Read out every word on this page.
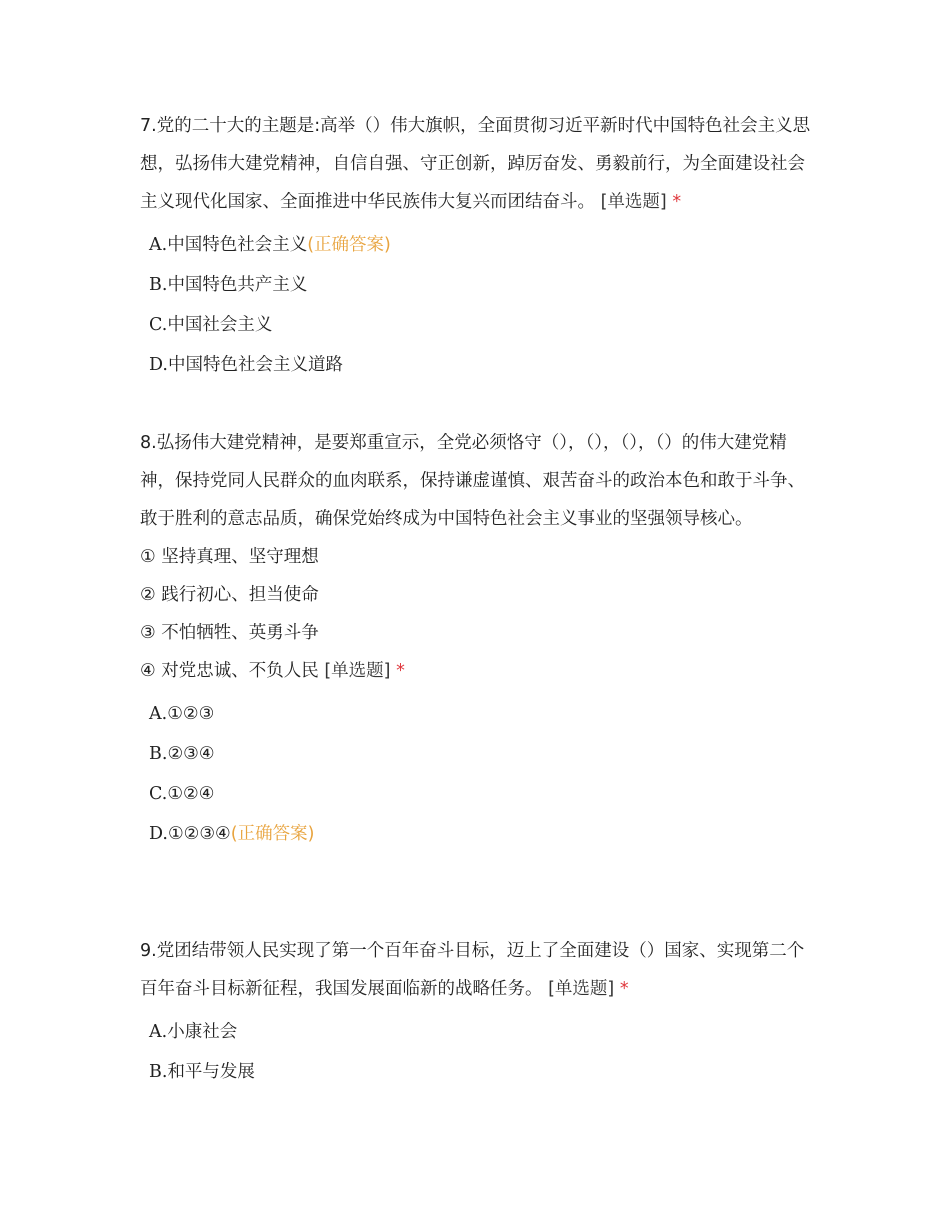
7.党的二十大的主题是:高举（）伟大旗帜，全面贯彻习近平新时代中国特色社会主义思想，弘扬伟大建党精神，自信自强、守正创新，踔厉奋发、勇毅前行，为全面建设社会主义现代化国家、全面推进中华民族伟大复兴而团结奋斗。 [单选题] *

A. 中国特色社会主义 (正确答案)
B. 中国特色共产主义
C. 中国社会主义
D. 中国特色社会主义道路

8.弘扬伟大建党精神，是要郑重宣示，全党必须恪守（），（），（），（）的伟大建党精神，保持党同人民群众的血肉联系，保持谦虚谨慎、艰苦奋斗的政治本色和敢于斗争、敢于胜利的意志品质，确保党始终成为中国特色社会主义事业的坚强领导核心。

① 坚持真理、坚守理想

② 践行初心、担当使命

③ 不怕牺牲、英勇斗争

④ 对党忠诚、不负人民 [单选题] *

A. ①②③
B. ②③④
C. ①②④
D. ①②③④ (正确答案)

9.党团结带领人民实现了第一个百年奋斗目标，迈上了全面建设（）国家、实现第二个百年奋斗目标新征程，我国发展面临新的战略任务。 [单选题] *

A. 小康社会
B. 和平与发展
